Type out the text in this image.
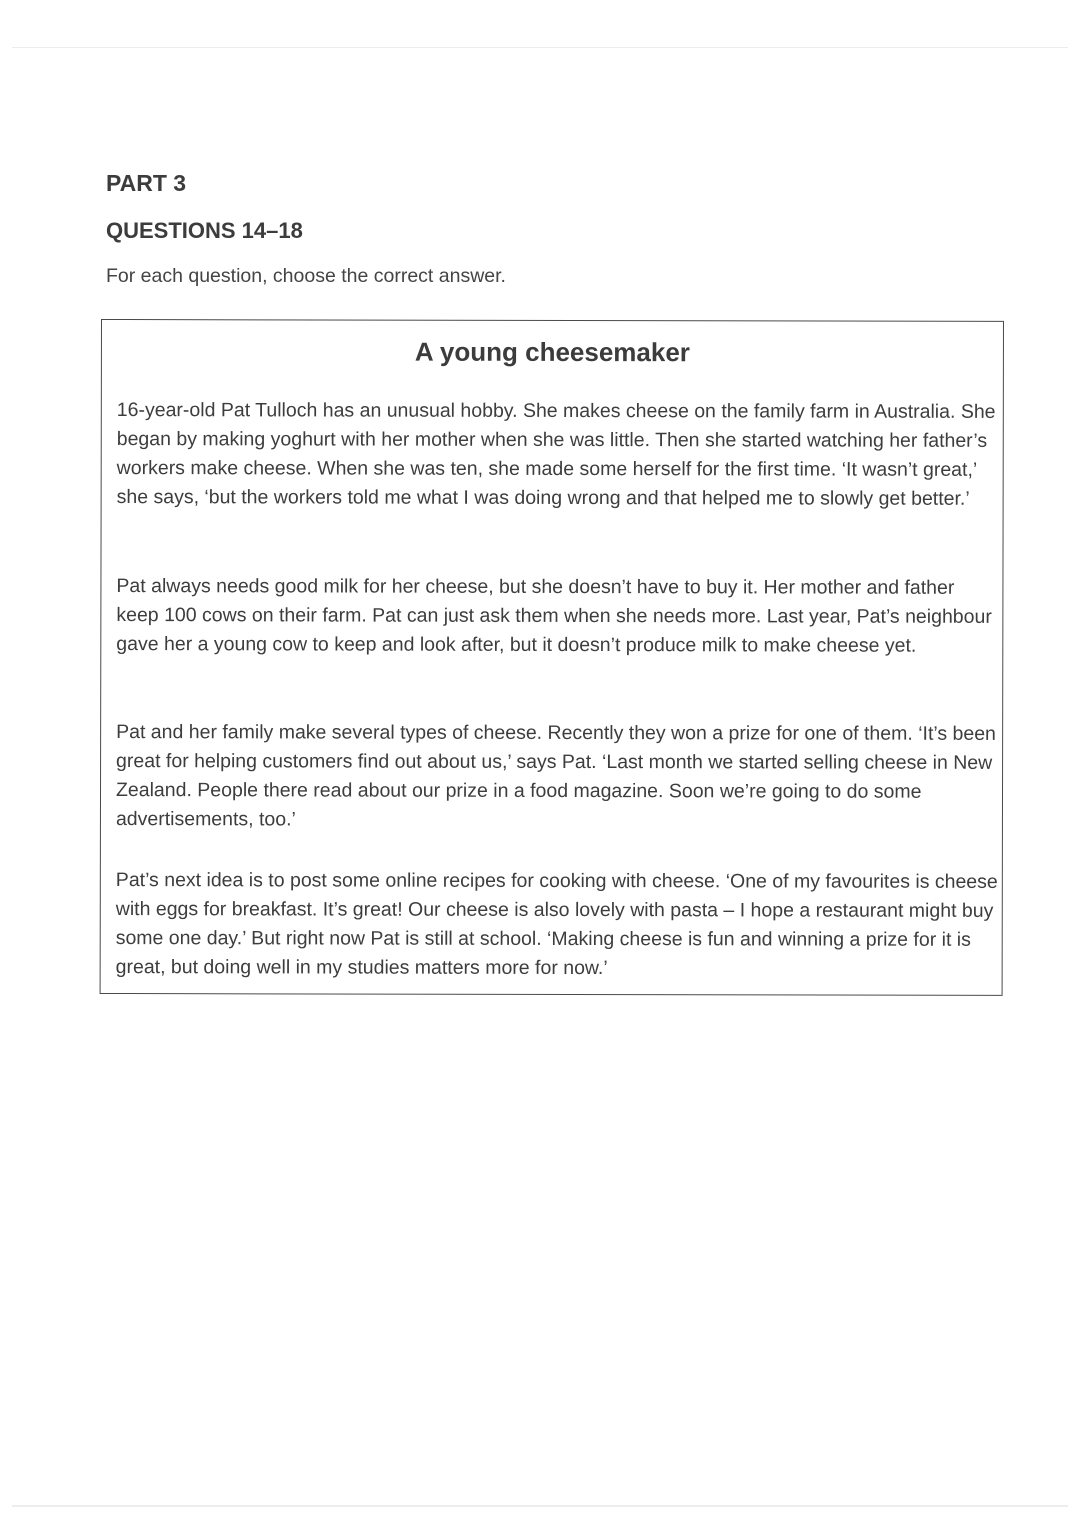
PART 3
QUESTIONS 14–18

For each question, choose the correct answer.

A young cheesemaker

16-year-old Pat Tulloch has an unusual hobby. She makes cheese on the family farm in Australia. She began by making yoghurt with her mother when she was little. Then she started watching her father’s workers make cheese. When she was ten, she made some herself for the first time. ‘It wasn’t great,’ she says, ‘but the workers told me what I was doing wrong and that helped me to slowly get better.’

Pat always needs good milk for her cheese, but she doesn’t have to buy it. Her mother and father keep 100 cows on their farm. Pat can just ask them when she needs more. Last year, Pat’s neighbour gave her a young cow to keep and look after, but it doesn’t produce milk to make cheese yet.

Pat and her family make several types of cheese. Recently they won a prize for one of them. ‘It’s been great for helping customers find out about us,’ says Pat. ‘Last month we started selling cheese in New Zealand. People there read about our prize in a food magazine. Soon we’re going to do some advertisements, too.’

Pat’s next idea is to post some online recipes for cooking with cheese. ‘One of my favourites is cheese with eggs for breakfast. It’s great! Our cheese is also lovely with pasta – I hope a restaurant might buy some one day.’ But right now Pat is still at school. ‘Making cheese is fun and winning a prize for it is great, but doing well in my studies matters more for now.’
